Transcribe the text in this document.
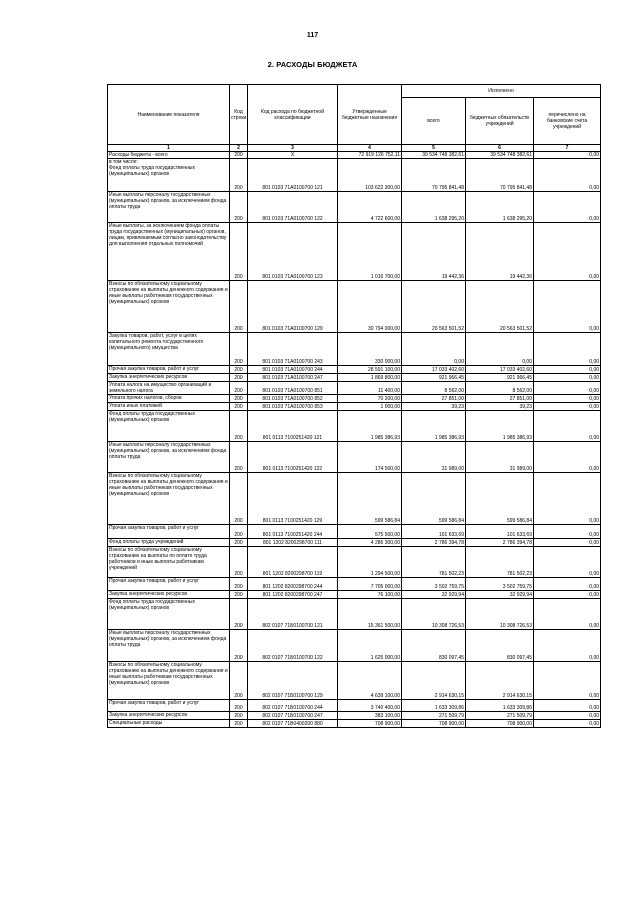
117
2. РАСХОДЫ БЮДЖЕТА
Наименование показателя	Код строки	Код расхода по бюджетной классификации	Утвержденные бюджетные назначения	Исполнено		
				всего	бюджетных обязательств учреждений	перечислено на банковские счета учреждений
1	2	3	4	5	6	7
Расходы бюджета - всего	200	X	72 919 126 752,11	39 534 748 382,61	39 534 748 382,61	0,00
в том числе:
Фонд оплаты труда государственных (муниципальных) органов	200	801 0103 71А0100700 121	103 622 300,00	70 795 841,48	70 795 841,48	0,00
Иные выплаты персоналу государственных (муниципальных) органов, за исключением фонда оплаты труда	200	801 0103 71А0100700 122	4 722 600,00	1 638 295,20	1 638 295,20	0,00
Иные выплаты, за исключением фонда оплаты труда государственных (муниципальных) органов, лицам, привлекаемым согласно законодательству для выполнения отдельных полномочий	200	801 0103 71А0100700 123	1 016 700,00	19 442,36	19 442,36	0,00
Взносы по обязательному социальному страхованию на выплаты денежного содержания и иные выплаты работникам государственных (муниципальных) органов	200	801 0103 71А0100700 129	30 794 000,00	20 563 501,52	20 563 501,52	0,00
Закупка товаров, работ, услуг в целях капитального ремонта государственного (муниципального) имущества	200	801 0103 71А0100700 243	330 000,00	0,00	0,00	0,00
Прочая закупка товаров, работ и услуг	200	801 0103 71А0100700 244	28 591 100,00	17 033 402,60	17 033 402,60	0,00
Закупка энергетических ресурсов	200	801 0103 71А0100700 247	1 869 800,00	921 966,45	921 966,45	0,00
Уплата налога на имущество организаций и земельного налога	200	801 0103 71А0100700 851	11 400,00	8 562,00	8 562,00	0,00
Уплата прочих налогов, сборов	200	801 0103 71А0100700 852	70 200,00	27 851,00	27 851,00	0,00
Уплата иных платежей	200	801 0103 71А0100700 853	1 000,00	39,23	39,23	0,00
Фонд оплаты труда государственных (муниципальных) органов	200	801 0113 7100251420 121	1 985 386,93	1 985 386,93	1 985 386,93	0,00
Иные выплаты персоналу государственных (муниципальных) органов, за исключением фонда оплаты труда	200	801 0113 7100251420 122	174 500,00	31 989,00	31 989,00	0,00
Взносы по обязательному социальному страхованию на выплаты денежного содержания и иные выплаты работникам государственных (муниципальных) органов	200	801 0113 7100251420 129	599 586,84	599 586,84	599 586,84	0,00
Прочая закупка товаров, работ и услуг	200	801 0113 7100251420 244	575 500,00	101 633,69	101 633,69	0,00
Фонд оплаты труда учреждений	200	801 1202 8200298700 111	4 286 300,00	2 786 394,78	2 786 394,78	0,00
Взносы по обязательному социальному страхованию на выплаты по оплате труда работников и иные выплаты работникам учреждений	200	801 1202 8200298700 119	1 294 500,00	781 502,23	781 502,23	0,00
Прочая закупка товаров, работ и услуг	200	801 1202 8200298700 244	7 705 000,00	3 502 759,75	3 502 759,75	0,00
Закупка энергетических ресурсов	200	801 1202 8200298700 247	76 100,00	32 929,94	32 929,94	0,00
Фонд оплаты труда государственных (муниципальных) органов	200	802 0107 71Б0100700 121	15 361 500,00	10 308 726,53	10 308 726,53	0,00
Иные выплаты персоналу государственных (муниципальных) органов, за исключением фонда оплаты труда	200	802 0107 71Б0100700 122	1 625 000,00	830 097,45	830 097,45	0,00
Взносы по обязательному социальному страхованию на выплаты денежного содержания и иные выплаты работникам государственных (муниципальных) органов	200	802 0107 71Б0100700 129	4 639 100,00	2 914 630,15	2 914 630,15	0,00
Прочая закупка товаров, работ и услуг	200	802 0107 71Б0100700 244	3 740 400,00	1 633 309,86	1 633 309,86	0,00
Закупка энергетических ресурсов	200	802 0107 71Б0100700 247	383 100,00	271 509,79	271 509,79	0,00
Специальные расходы	200	802 0107 71В0400200 880	708 900,00	708 900,00	708 900,00	0,00
